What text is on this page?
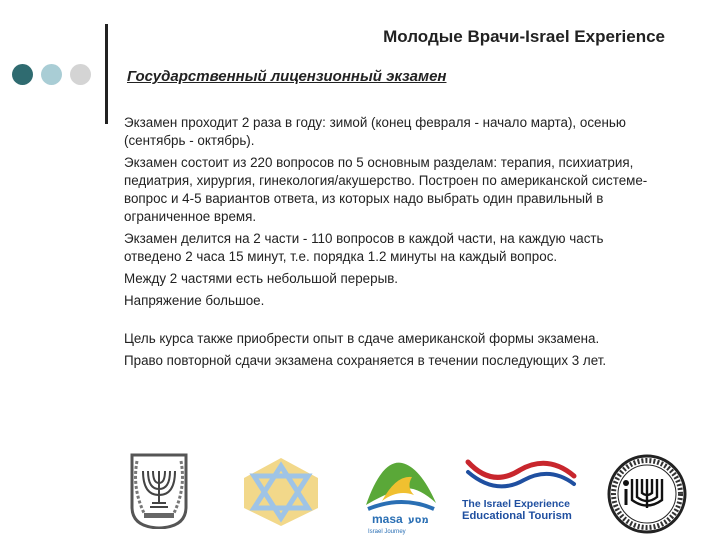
Молодые Врачи-Israel Experience
Государственный лицензионный экзамен

Экзамен проходит 2 раза в году: зимой (конец февраля - начало марта), осенью (сентябрь - октябрь).

Экзамен состоит из 220 вопросов по 5 основным разделам: терапия, психиатрия, педиатрия, хирургия, гинекология/акушерство. Построен по американской системе- вопрос и 4-5 вариантов ответа, из которых надо выбрать один правильный в ограниченное время.

Экзамен делится на 2 части - 110 вопросов в каждой части, на каждую часть отведено 2 часа 15 минут, т.е. порядка 1.2 минуты на каждый вопрос.

Между 2 частями есть небольшой перерыв.

Напряжение большое.

Цель курса также приобрести опыт в сдаче американской формы экзамена.

Право повторной сдачи экзамена сохраняется в течении последующих 3 лет.

masa מסע
Israel Journey
The Israel Experience
Educational Tourism
